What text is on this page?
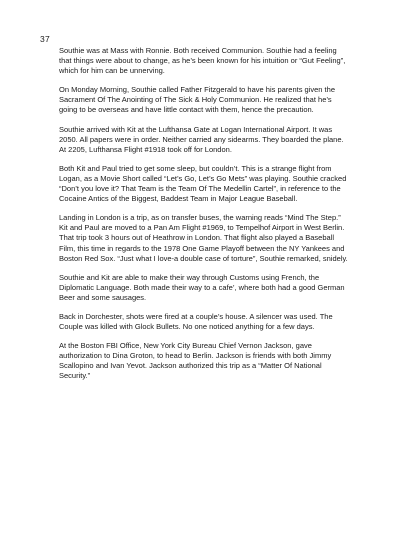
37

Southie was at Mass with Ronnie. Both received Communion. Southie had a feeling that things were about to change, as he’s been known for his intuition or “Gut Feeling”, which for him can be unnerving.

On Monday Morning, Southie called Father Fitzgerald to have his parents given the Sacrament Of The Anointing of The Sick & Holy Communion. He realized that he’s going to be overseas and have little contact with them, hence the precaution.

Southie arrived with Kit at the Lufthansa Gate at Logan International Airport. It was 2050. All papers were in order. Neither carried any sidearms. They boarded the plane. At 2205, Lufthansa Flight #1918 took off for London.

Both Kit and Paul tried to get some sleep, but couldn’t. This is a strange flight from Logan, as a Movie Short called “Let’s Go, Let’s Go Mets” was playing. Southie cracked “Don’t you love it? That Team is the Team Of The Medellin Cartel”, in reference to the Cocaine Antics of the Biggest, Baddest Team in Major League Baseball.

Landing in London is a trip, as on transfer buses, the warning reads “Mind The Step.” Kit and Paul are moved to a Pan Am Flight #1969, to Tempelhof Airport in West Berlin. That trip took 3 hours out of Heathrow in London. That flight also played a Baseball Film, this time in regards to the 1978 One Game Playoff between the NY Yankees and Boston Red Sox. “Just what I love-a double case of torture”, Southie remarked, snidely.

Southie and Kit are able to make their way through Customs using French, the Diplomatic Language. Both made their way to a cafe’, where both had a good German Beer and some sausages.

Back in Dorchester, shots were fired at a couple’s house. A silencer was used. The Couple was killed with Glock Bullets. No one noticed anything for a few days.

At the Boston FBI Office, New York City Bureau Chief Vernon Jackson, gave authorization to Dina Groton, to head to Berlin. Jackson is friends with both Jimmy Scallopino and Ivan Yevot. Jackson authorized this trip as a “Matter Of National Security.”
